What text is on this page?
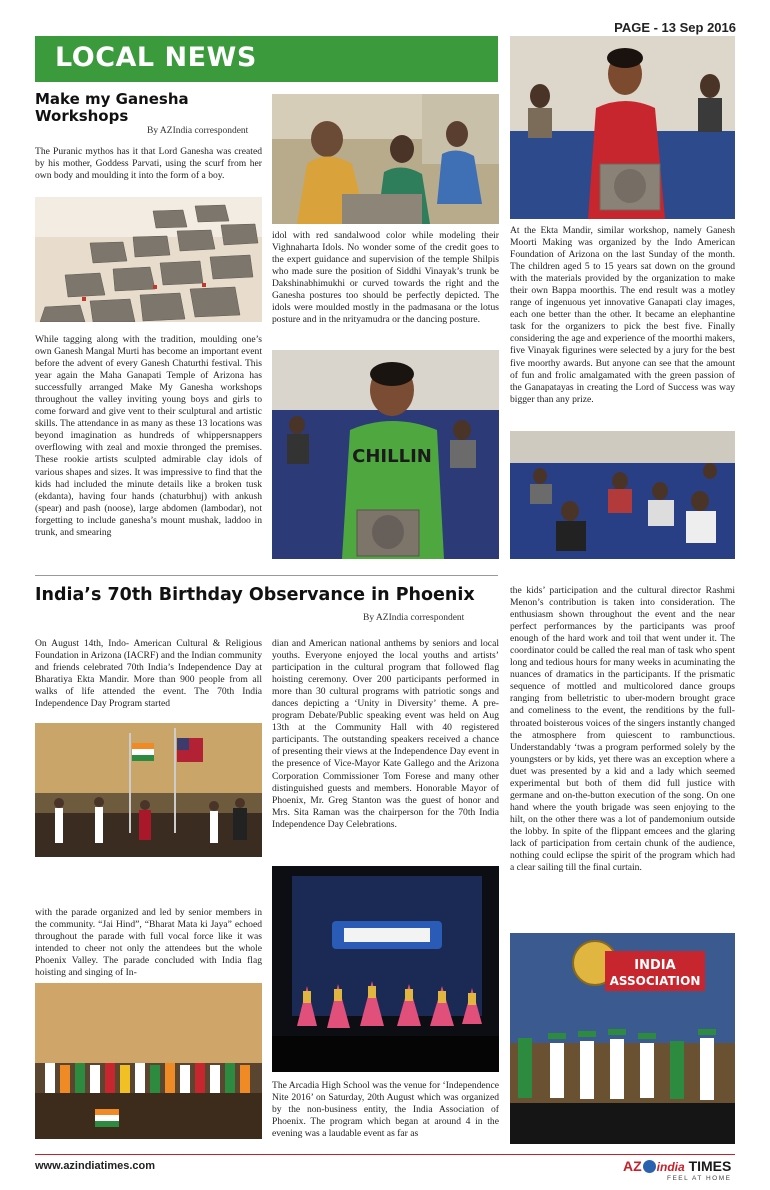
PAGE - 13 Sep 2016
LOCAL NEWS
Make my Ganesha Workshops
By AZIndia correspondent
The Puranic mythos has it that Lord Ganesha was created by his mother, Goddess Parvati, using the scurf from her own body and moulding it into the form of a boy.
While tagging along with the tradition, moulding one’s own Ganesh Mangal Murti has become an important event before the advent of every Ganesh Chaturthi festival. This year again the Maha Ganapati Temple of Arizona has successfully arranged Make My Ganesha workshops throughout the valley inviting young boys and girls to come forward and give vent to their sculptural and artistic skills. The attendance in as many as these 13 locations was beyond imagination as hundreds of whippersnappers overflowing with zeal and moxie thronged the premises. These rookie artists sculpted admirable clay idols of various shapes and sizes. It was impressive to find that the kids had included the minute details like a broken tusk (ekdanta), having four hands (chaturbhuj) with ankush (spear) and pash (noose), large abdomen (lambodar), not forgetting to include ganesha’s mount mushak, laddoo in trunk, and smearing
idol with red sandalwood color while modeling their Vighnaharta Idols. No wonder some of the credit goes to the expert guidance and supervision of the temple Shilpis who made sure the position of Siddhi Vinayak’s trunk be Dakshinabhimukhi or curved towards the right and the Ganesha postures too should be perfectly depicted. The idols were moulded mostly in the padmasana or the lotus posture and in the nrityamudra or the dancing posture.
CHILLIN
At the Ekta Mandir, similar workshop, namely Ganesh Moorti Making was organized by the Indo American Foundation of Arizona on the last Sunday of the month. The children aged 5 to 15 years sat down on the ground with the materials provided by the organization to make their own Bappa moorthis. The end result was a motley range of ingenuous yet innovative Ganapati clay images, each one better than the other. It became an elephantine task for the organizers to pick the best five. Finally considering the age and experience of the moorthi makers, five Vinayak figurines were selected by a jury for the best five moorthy awards. But anyone can see that the amount of fun and frolic amalgamated with the green passion of the Ganapatayas in creating the Lord of Success was way bigger than any prize.
India’s 70th Birthday Observance in Phoenix
By AZIndia correspondent
On August 14th, Indo- American Cultural & Religious Foundation in Arizona (IACRF) and the Indian community and friends celebrated 70th India’s Independence Day at Bharatiya Ekta Mandir. More than 900 people from all walks of life attended the event. The 70th India Independence Day Program started
with the parade organized and led by senior members in the community. “Jai Hind”, “Bharat Mata ki Jaya” echoed throughout the parade with full vocal force like it was intended to cheer not only the attendees but the whole Phoenix Valley. The parade concluded with India flag hoisting and singing of In-
dian and American national anthems by seniors and local youths. Everyone enjoyed the local youths and artists’ participation in the cultural program that followed flag hoisting ceremony. Over 200 participants performed in more than 30 cultural programs with patriotic songs and dances depicting a ‘Unity in Diversity’ theme. A pre-program Debate/Public speaking event was held on Aug 13th at the Community Hall with 40 registered participants. The outstanding speakers received a chance of presenting their views at the Independence Day event in the presence of Vice-Mayor Kate Gallego and the Arizona Corporation Commissioner Tom Forese and many other distinguished guests and members. Honorable Mayor of Phoenix, Mr. Greg Stanton was the guest of honor and Mrs. Sita Raman was the chairperson for the 70th India Independence Day Celebrations.
The Arcadia High School was the venue for ‘Independence Nite 2016’ on Saturday, 20th August which was organized by the non-business entity, the India Association of Phoenix. The program which began at around 4 in the evening was a laudable event as far as
the kids’ participation and the cultural director Rashmi Menon’s contribution is taken into consideration. The enthusiasm shown throughout the event and the near perfect performances by the participants was proof enough of the hard work and toil that went under it. The coordinator could be called the real man of task who spent long and tedious hours for many weeks in acuminating the nuances of dramatics in the participants. If the prismatic sequence of mottled and multicolored dance groups ranging from belletristic to uber-modern brought grace and comeliness to the event, the renditions by the full-throated boisterous voices of the singers instantly changed the atmosphere from quiescent to rambunctious. Understandably ‘twas a program performed solely by the youngsters or by kids, yet there was an exception where a duet was presented by a kid and a lady which seemed experimental but both of them did full justice with germane and on-the-button execution of the song. On one hand where the youth brigade was seen enjoying to the hilt, on the other there was a lot of pandemonium outside the lobby. In spite of the flippant emcees and the glaring lack of participation from certain chunk of the audience, nothing could eclipse the spirit of the program which had a clear sailing till the final curtain.
INDIA
ASSOCIATION
www.azindiatimes.com	AZ india TIMES
FEEL AT HOME
